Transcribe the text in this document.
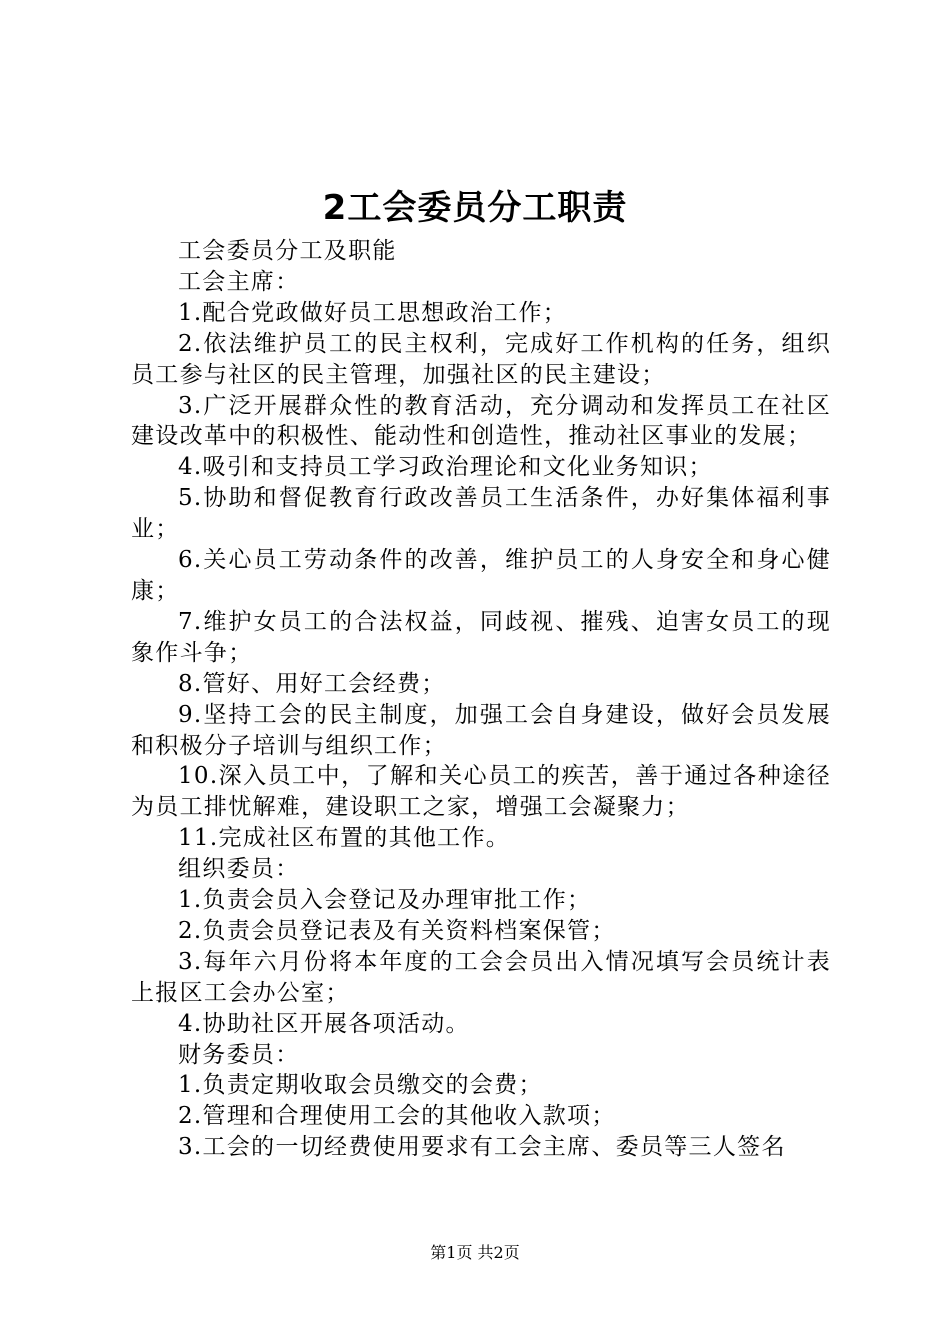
2工会委员分工职责

工会委员分工及职能

工会主席：

1.配合党政做好员工思想政治工作；

2.依法维护员工的民主权利，完成好工作机构的任务，组织员工参与社区的民主管理，加强社区的民主建设；

3.广泛开展群众性的教育活动，充分调动和发挥员工在社区建设改革中的积极性、能动性和创造性，推动社区事业的发展；

4.吸引和支持员工学习政治理论和文化业务知识；

5.协助和督促教育行政改善员工生活条件，办好集体福利事业；

6.关心员工劳动条件的改善，维护员工的人身安全和身心健康；

7.维护女员工的合法权益，同歧视、摧残、迫害女员工的现象作斗争；

8.管好、用好工会经费；

9.坚持工会的民主制度，加强工会自身建设，做好会员发展和积极分子培训与组织工作；

10.深入员工中，了解和关心员工的疾苦，善于通过各种途径为员工排忧解难，建设职工之家，增强工会凝聚力；

11.完成社区布置的其他工作。

组织委员：

1.负责会员入会登记及办理审批工作；

2.负责会员登记表及有关资料档案保管；

3.每年六月份将本年度的工会会员出入情况填写会员统计表上报区工会办公室；

4.协助社区开展各项活动。

财务委员：

1.负责定期收取会员缴交的会费；

2.管理和合理使用工会的其他收入款项；

3.工会的一切经费使用要求有工会主席、委员等三人签名

第1页 共2页
